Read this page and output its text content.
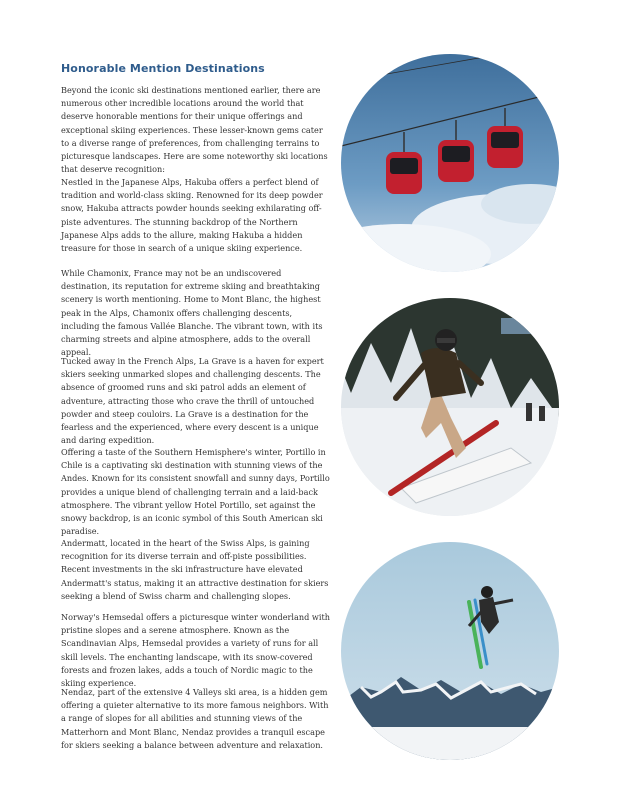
Honorable Mention Destinations

Beyond the iconic ski destinations mentioned earlier, there are numerous other incredible locations around the world that deserve honorable mentions for their unique offerings and exceptional skiing experiences. These lesser-known gems cater to a diverse range of preferences, from challenging terrains to picturesque landscapes. Here are some noteworthy ski locations that deserve recognition:

Nestled in the Japanese Alps, Hakuba offers a perfect blend of tradition and world-class skiing. Renowned for its deep powder snow, Hakuba attracts powder hounds seeking exhilarating off-piste adventures. The stunning backdrop of the Northern Japanese Alps adds to the allure, making Hakuba a hidden treasure for those in search of a unique skiing experience.

While Chamonix, France may not be an undiscovered destination, its reputation for extreme skiing and breathtaking scenery is worth mentioning. Home to Mont Blanc, the highest peak in the Alps, Chamonix offers challenging descents, including the famous Vallée Blanche. The vibrant town, with its charming streets and alpine atmosphere, adds to the overall appeal.

Tucked away in the French Alps, La Grave is a haven for expert skiers seeking unmarked slopes and challenging descents. The absence of groomed runs and ski patrol adds an element of adventure, attracting those who crave the thrill of untouched powder and steep couloirs. La Grave is a destination for the fearless and the experienced, where every descent is a unique and daring expedition.

Offering a taste of the Southern Hemisphere's winter, Portillo in Chile is a captivating ski destination with stunning views of the Andes. Known for its consistent snowfall and sunny days, Portillo provides a unique blend of challenging terrain and a laid-back atmosphere. The vibrant yellow Hotel Portillo, set against the snowy backdrop, is an iconic symbol of this South American ski paradise.

Andermatt, located in the heart of the Swiss Alps, is gaining recognition for its diverse terrain and off-piste possibilities. Recent investments in the ski infrastructure have elevated Andermatt's status, making it an attractive destination for skiers seeking a blend of Swiss charm and challenging slopes.

Norway's Hemsedal offers a picturesque winter wonderland with pristine slopes and a serene atmosphere. Known as the Scandinavian Alps, Hemsedal provides a variety of runs for all skill levels. The enchanting landscape, with its snow-covered forests and frozen lakes, adds a touch of Nordic magic to the skiing experience.

Nendaz, part of the extensive 4 Valleys ski area, is a hidden gem offering a quieter alternative to its more famous neighbors. With a range of slopes for all abilities and stunning views of the Matterhorn and Mont Blanc, Nendaz provides a tranquil escape for skiers seeking a balance between adventure and relaxation.
